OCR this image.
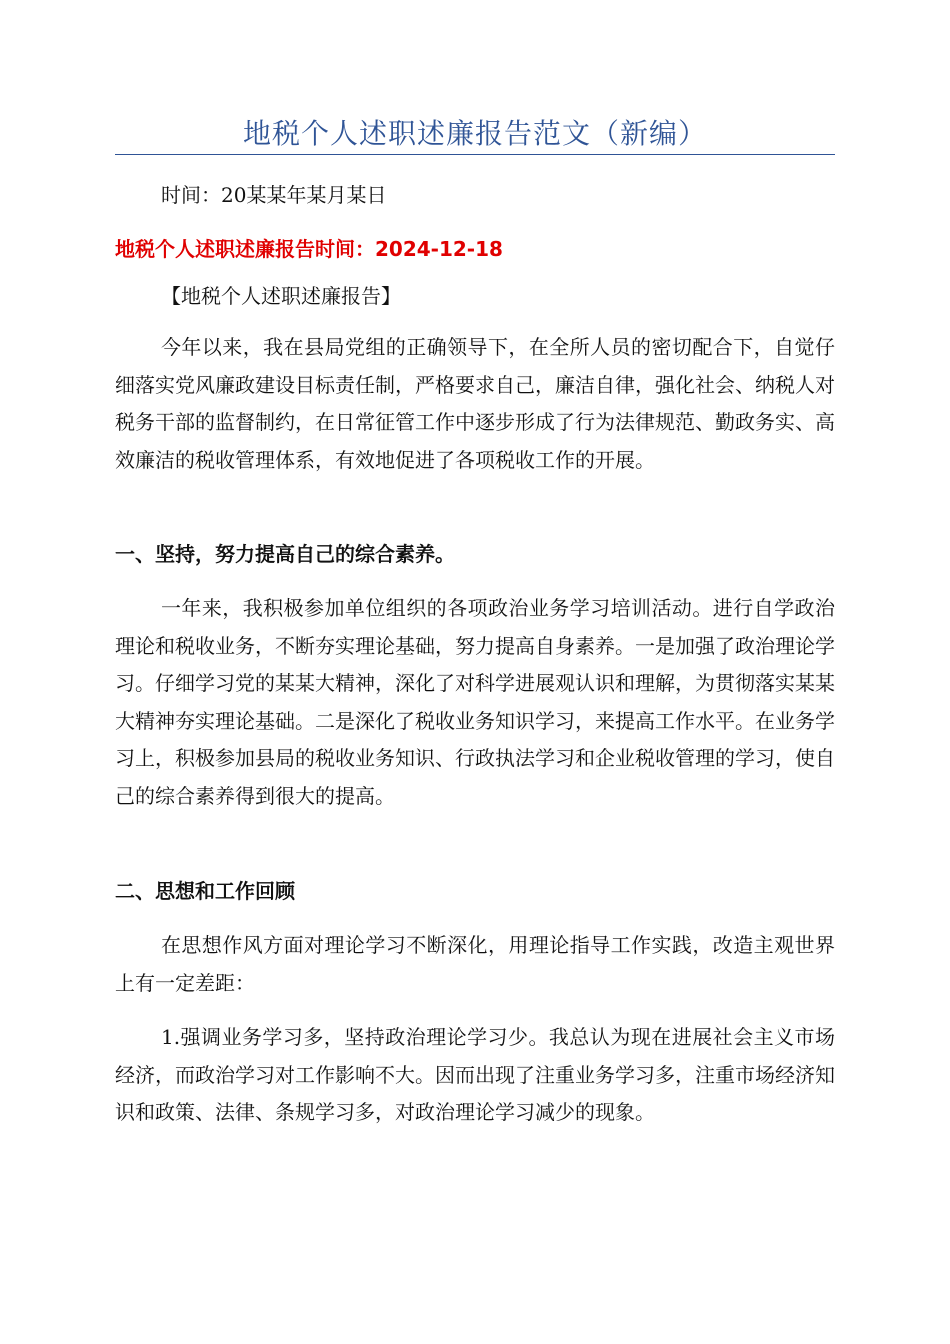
地税个人述职述廉报告范文（新编）
时间：20某某年某月某日
地税个人述职述廉报告时间：2024-12-18
【地税个人述职述廉报告】

今年以来，我在县局党组的正确领导下，在全所人员的密切配合下，自觉仔细落实党风廉政建设目标责任制，严格要求自己，廉洁自律，强化社会、纳税人对税务干部的监督制约，在日常征管工作中逐步形成了行为法律规范、勤政务实、高效廉洁的税收管理体系，有效地促进了各项税收工作的开展。

一、坚持，努力提高自己的综合素养。

一年来，我积极参加单位组织的各项政治业务学习培训活动。进行自学政治理论和税收业务，不断夯实理论基础，努力提高自身素养。一是加强了政治理论学习。仔细学习党的某某大精神，深化了对科学进展观认识和理解，为贯彻落实某某大精神夯实理论基础。二是深化了税收业务知识学习，来提高工作水平。在业务学习上，积极参加县局的税收业务知识、行政执法学习和企业税收管理的学习，使自己的综合素养得到很大的提高。

二、思想和工作回顾

在思想作风方面对理论学习不断深化，用理论指导工作实践，改造主观世界上有一定差距：

1.强调业务学习多，坚持政治理论学习少。我总认为现在进展社会主义市场经济，而政治学习对工作影响不大。因而出现了注重业务学习多，注重市场经济知识和政策、法律、条规学习多，对政治理论学习减少的现象。
